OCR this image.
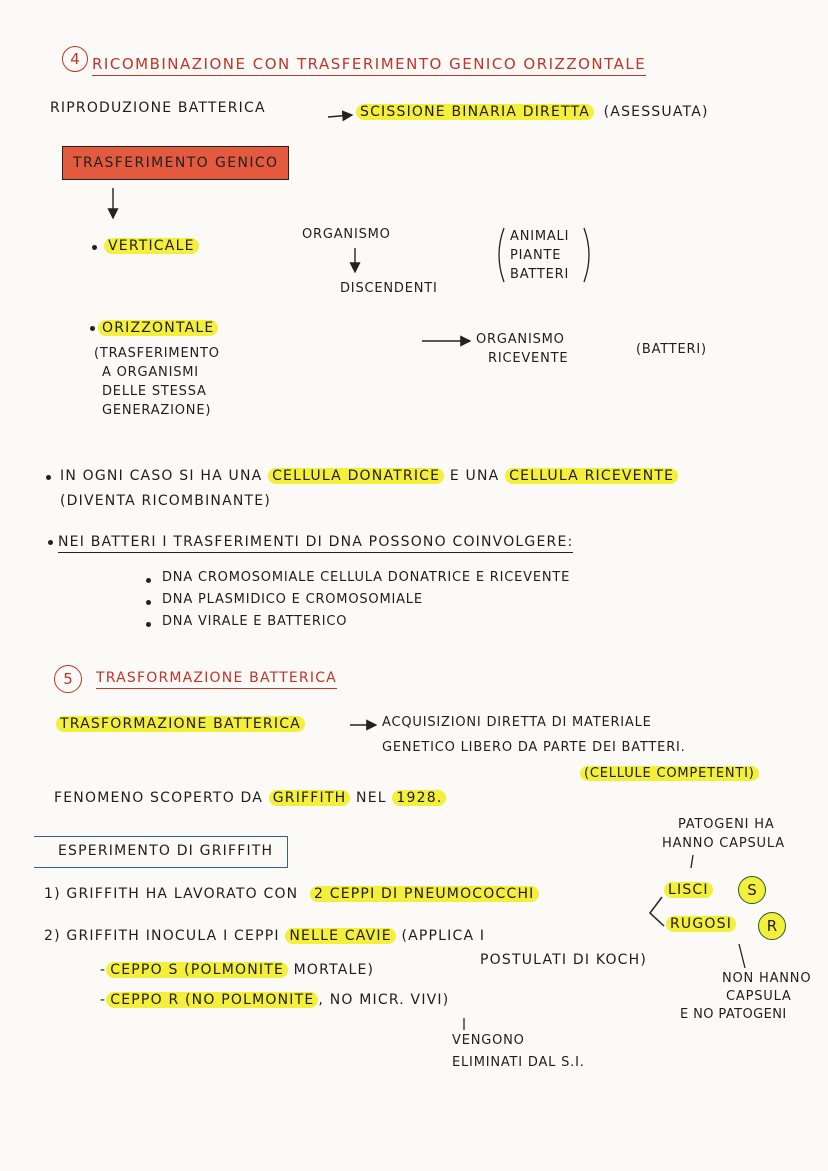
4 RICOMBINAZIONE CON TRASFERIMENTO GENICO ORIZZONTALE
RIPRODUZIONE BATTERICA	SCISSIONE BINARIA DIRETTA (ASESSUATA)
TRASFERIMENTO GENICO
VERTICALE
ORGANISMO
DISCENDENTI
ANIMALI
PIANTE
BATTERI
ORIZZONTALE
(TRASFERIMENTO
A ORGANISMI
DELLE STESSA
GENERAZIONE)
ORGANISMO
RICEVENTE
(BATTERI)
IN OGNI CASO SI HA UNA CELLULA DONATRICE E UNA CELLULA RICEVENTE
(DIVENTA RICOMBINANTE)
NEI BATTERI I TRASFERIMENTI DI DNA POSSONO COINVOLGERE:
DNA CROMOSOMIALE CELLULA DONATRICE E RICEVENTE
DNA PLASMIDICO E CROMOSOMIALE
DNA VIRALE E BATTERICO
5 TRASFORMAZIONE BATTERICA
TRASFORMAZIONE BATTERICA	ACQUISIZIONI DIRETTA DI MATERIALE
GENETICO LIBERO DA PARTE DEI BATTERI.
(CELLULE COMPETENTI)
FENOMENO SCOPERTO DA GRIFFITH NEL 1928.
ESPERIMENTO DI GRIFFITH
PATOGENI HA
HANNO CAPSULA
1) GRIFFITH HA LAVORATO CON 2 CEPPI DI PNEUMOCOCCHI	LISCI	S
RUGOSI R
2) GRIFFITH INOCULA I CEPPI NELLE CAVIE (APPLICA I
POSTULATI DI KOCH)
- CEPPO S (POLMONITE MORTALE)
- CEPPO R (NO POLMONITE , NO MICR. VIVI)
VENGONO
ELIMINATI DAL S.I.
NON HANNO
CAPSULA
E NO PATOGENI
